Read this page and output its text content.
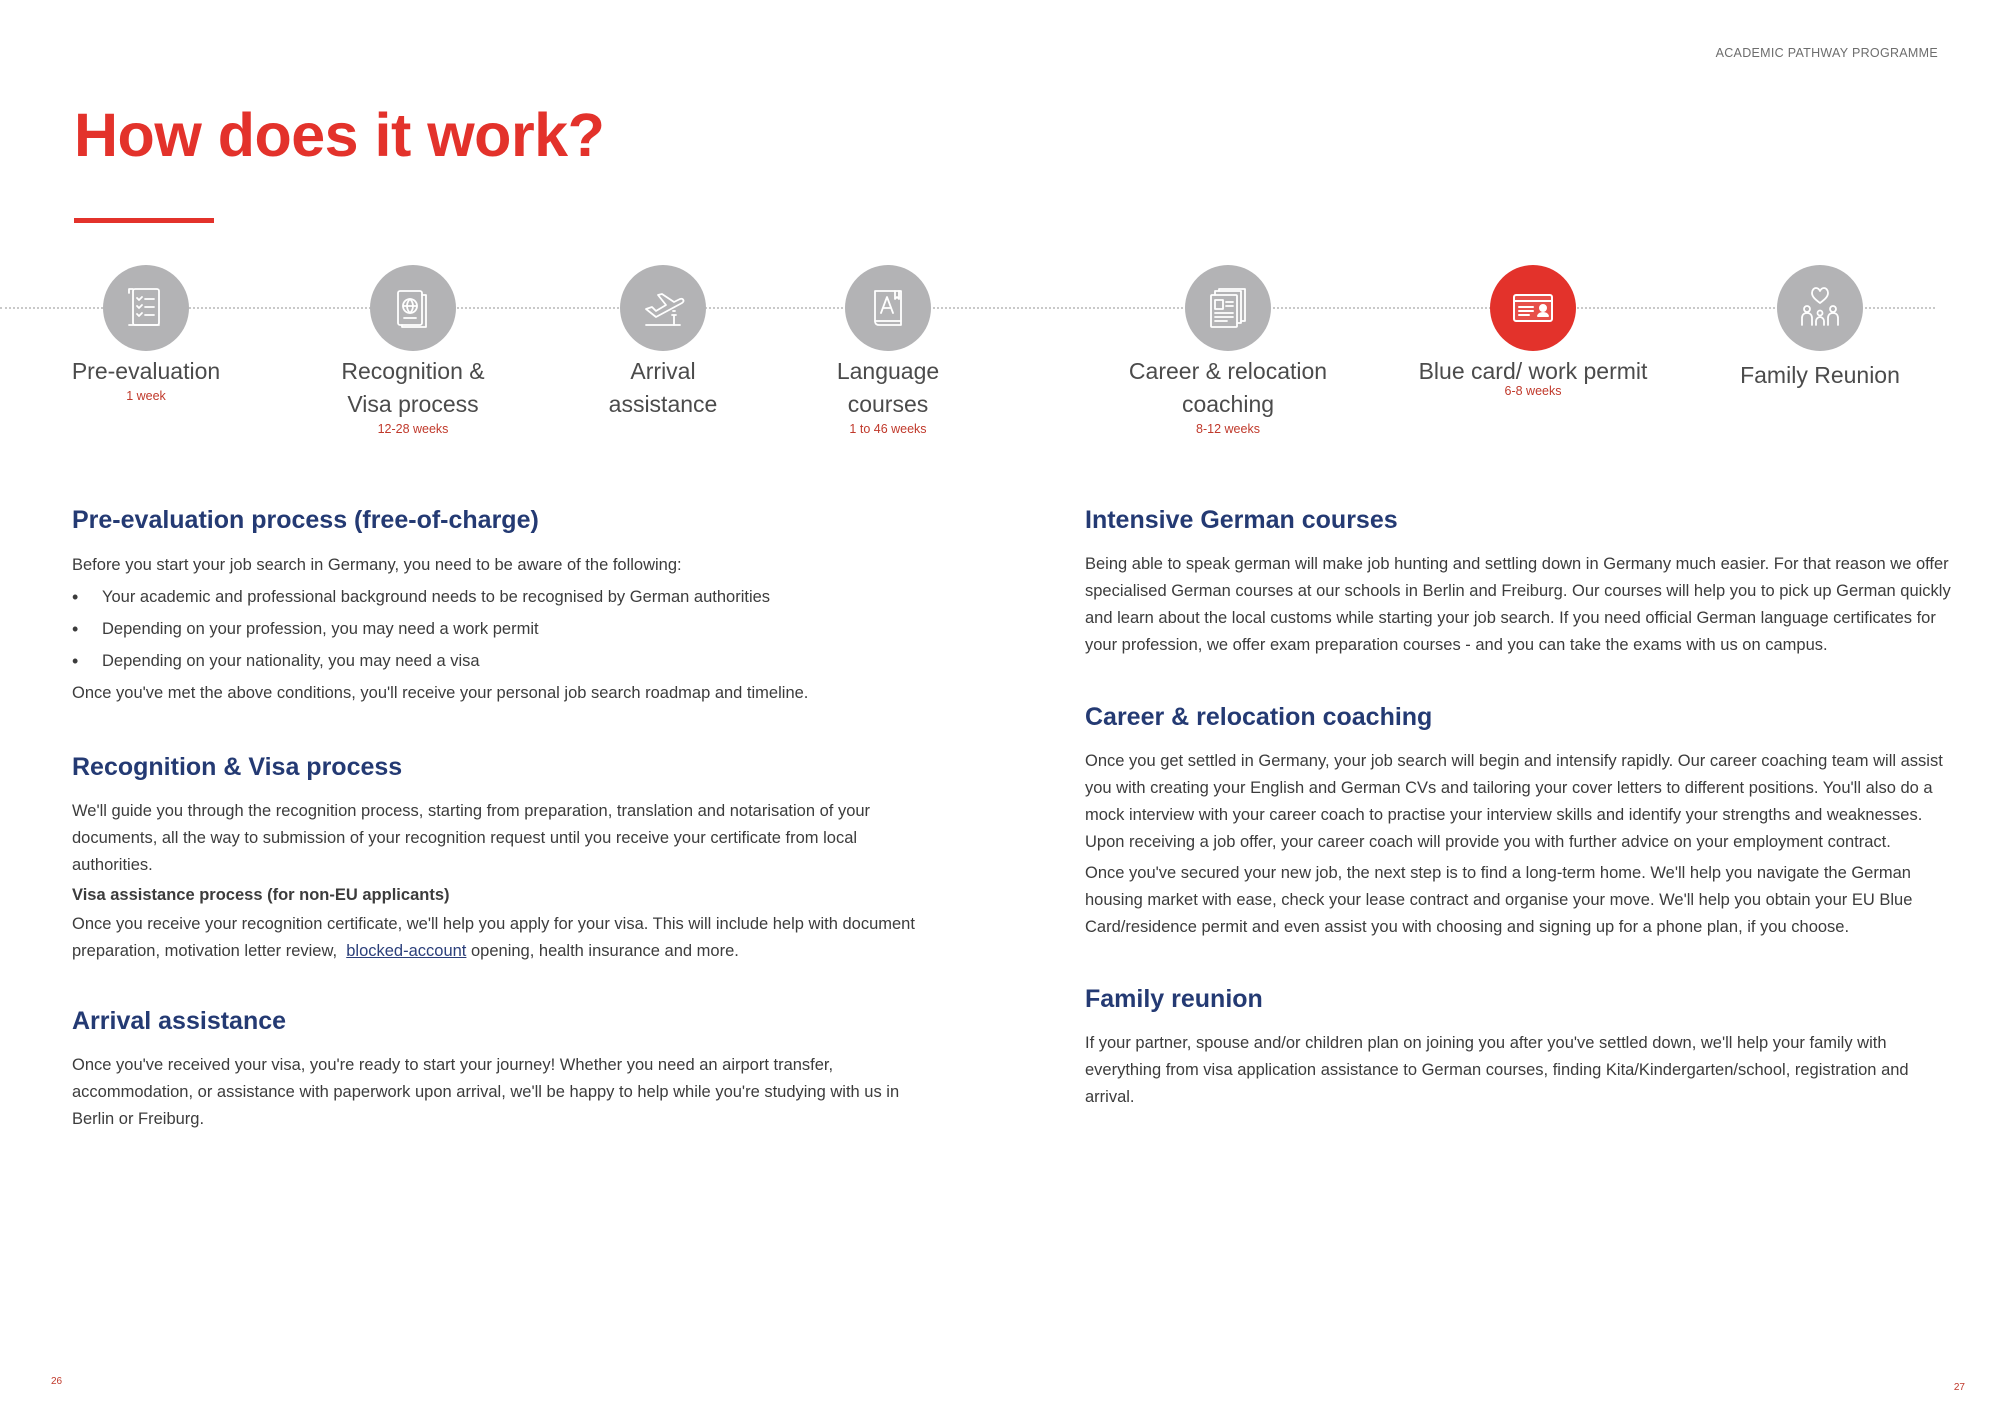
ACADEMIC PATHWAY PROGRAMME
How does it work?
Pre-evaluation
1 week
Recognition &
Visa process
12-28 weeks
Arrival
assistance
Language
courses
1 to 46 weeks
Career & relocation
coaching
8-12 weeks
Blue card/ work permit
6-8 weeks
Family Reunion
Pre-evaluation process (free-of-charge)

Before you start your job search in Germany, you need to be aware of the following:

• Your academic and professional background needs to be recognised by German authorities
• Depending on your profession, you may need a work permit
• Depending on your nationality, you may need a visa

Once you've met the above conditions, you'll receive your personal job search roadmap and timeline.

Recognition & Visa process

We'll guide you through the recognition process, starting from preparation, translation and notarisation of your documents, all the way to submission of your recognition request until you receive your certificate from local authorities.

Visa assistance process (for non-EU applicants)

Once you receive your recognition certificate, we'll help you apply for your visa. This will include help with document preparation, motivation letter review, blocked-account opening, health insurance and more.

Arrival assistance

Once you've received your visa, you're ready to start your journey! Whether you need an airport transfer, accommodation, or assistance with paperwork upon arrival, we'll be happy to help while you're studying with us in Berlin or Freiburg.

Intensive German courses

Being able to speak german will make job hunting and settling down in Germany much easier. For that reason we offer specialised German courses at our schools in Berlin and Freiburg. Our courses will help you to pick up German quickly and learn about the local customs while starting your job search. If you need official German language certificates for your profession, we offer exam preparation courses - and you can take the exams with us on campus.

Career & relocation coaching

Once you get settled in Germany, your job search will begin and intensify rapidly. Our career coaching team will assist you with creating your English and German CVs and tailoring your cover letters to different positions. You'll also do a mock interview with your career coach to practise your interview skills and identify your strengths and weaknesses. Upon receiving a job offer, your career coach will provide you with further advice on your employment contract.

Once you've secured your new job, the next step is to find a long-term home. We'll help you navigate the German housing market with ease, check your lease contract and organise your move. We'll help you obtain your EU Blue Card/residence permit and even assist you with choosing and signing up for a phone plan, if you choose.

Family reunion

If your partner, spouse and/or children plan on joining you after you've settled down, we'll help your family with everything from visa application assistance to German courses, finding Kita/Kindergarten/school, registration and arrival.

26
27
